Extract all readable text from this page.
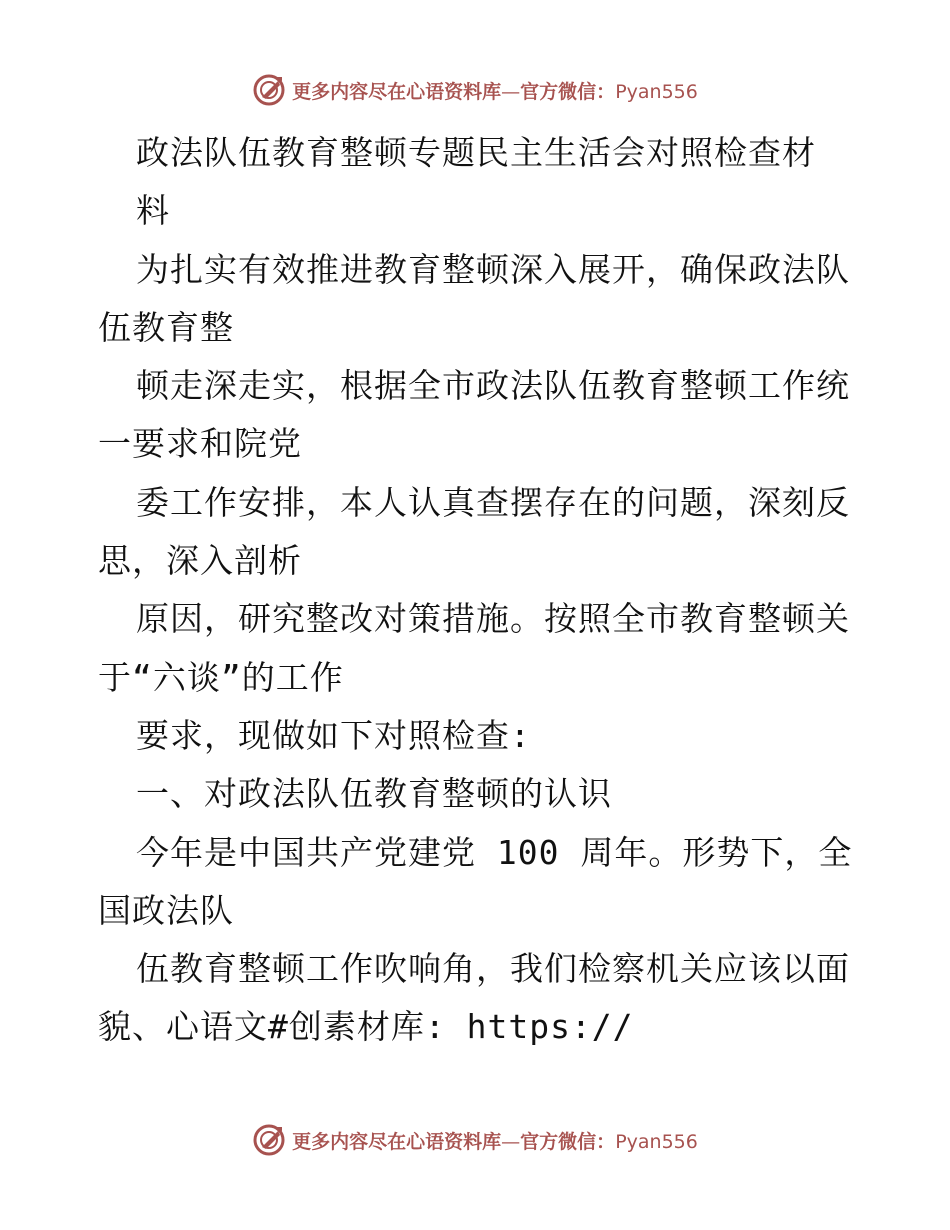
更多内容尽在心语资料库—官方微信：Pyan556
政法队伍教育整顿专题民主生活会对照检查材
料
为扎实有效推进教育整顿深入展开，确保政法队
伍教育整
顿走深走实，根据全市政法队伍教育整顿工作统
一要求和院党
委工作安排，本人认真查摆存在的问题，深刻反
思，深入剖析
原因，研究整改对策措施。按照全市教育整顿关
于“六谈”的工作
要求，现做如下对照检查:
一、对政法队伍教育整顿的认识
今年是中国共产党建党 100 周年。形势下，全
国政法队
伍教育整顿工作吹响角，我们检察机关应该以面
貌、心语文#创素材库: https://
更多内容尽在心语资料库—官方微信：Pyan556
